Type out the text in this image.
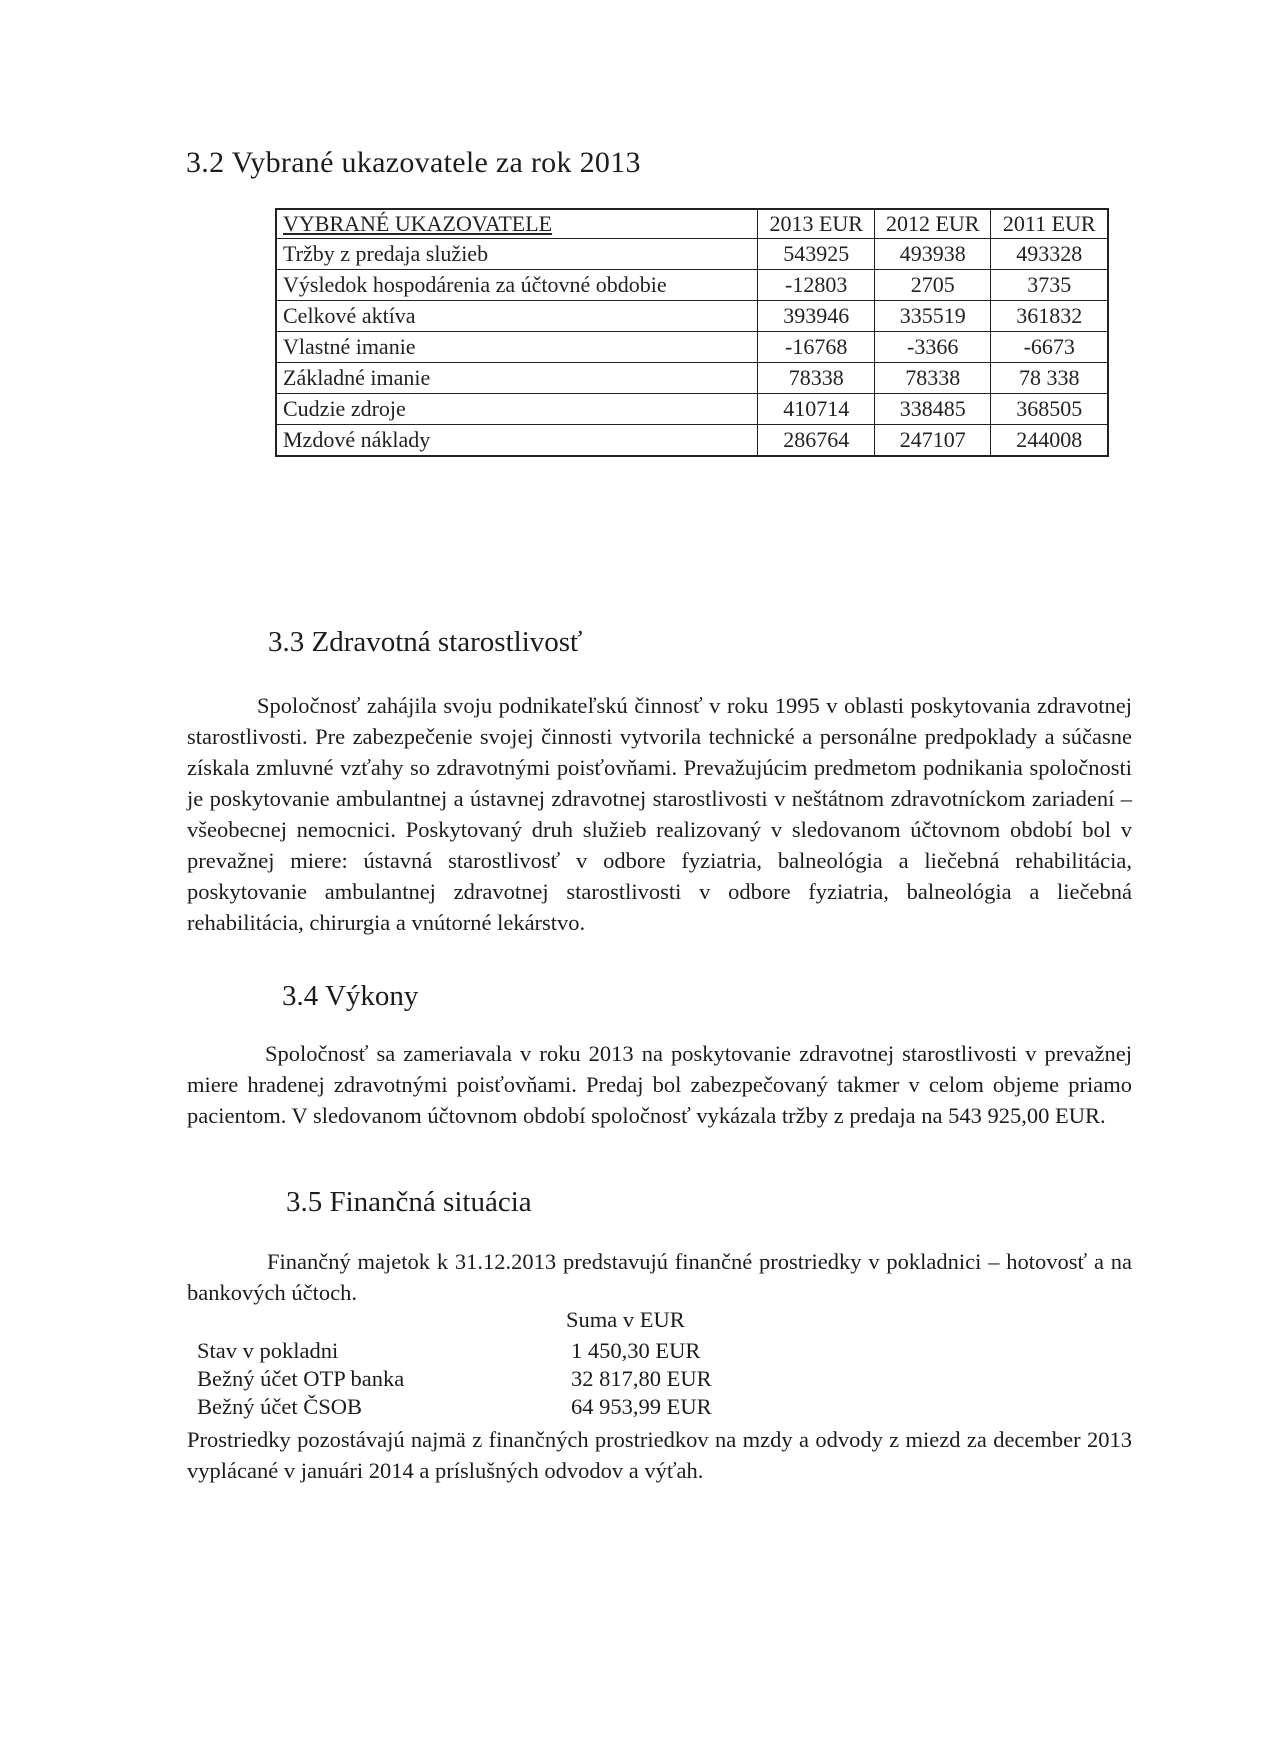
3.2 Vybrané ukazovatele za rok 2013
VYBRANÉ UKAZOVATELE	2013 EUR	2012 EUR	2011 EUR
Tržby z predaja služieb	543925	493938	493328
Výsledok hospodárenia za účtovné obdobie	-12803	2705	3735
Celkové aktíva	393946	335519	361832
Vlastné imanie	-16768	-3366	-6673
Základné imanie	78338	78338	78 338
Cudzie zdroje	410714	338485	368505
Mzdové náklady	286764	247107	244008
3.3 Zdravotná starostlivosť

Spoločnosť zahájila svoju podnikateľskú činnosť v roku 1995 v oblasti poskytovania zdravotnej starostlivosti. Pre zabezpečenie svojej činnosti vytvorila technické a personálne predpoklady a súčasne získala zmluvné vzťahy so zdravotnými poisťovňami. Prevažujúcim predmetom podnikania spoločnosti je poskytovanie ambulantnej a ústavnej zdravotnej starostlivosti v neštátnom zdravotníckom zariadení – všeobecnej nemocnici. Poskytovaný druh služieb realizovaný v sledovanom účtovnom období bol v prevažnej miere: ústavná starostlivosť v odbore fyziatria, balneológia a liečebná rehabilitácia, poskytovanie ambulantnej zdravotnej starostlivosti v odbore fyziatria, balneológia a liečebná rehabilitácia, chirurgia a vnútorné lekárstvo.

3.4 Výkony

Spoločnosť sa zameriavala v roku 2013 na poskytovanie zdravotnej starostlivosti v prevažnej miere hradenej zdravotnými poisťovňami. Predaj bol zabezpečovaný takmer v celom objeme priamo pacientom. V sledovanom účtovnom období spoločnosť vykázala tržby z predaja na 543 925,00 EUR.

3.5 Finančná situácia

Finančný majetok k 31.12.2013 predstavujú finančné prostriedky v pokladnici – hotovosť a na bankových účtoch.

Suma v EUR
Stav v pokladni	1 450,30 EUR
Bežný účet OTP banka	32 817,80 EUR
Bežný účet ČSOB	64 953,99 EUR

Prostriedky pozostávajú najmä z finančných prostriedkov na mzdy a odvody z miezd za december 2013 vyplácané v januári 2014 a príslušných odvodov a výťah.
